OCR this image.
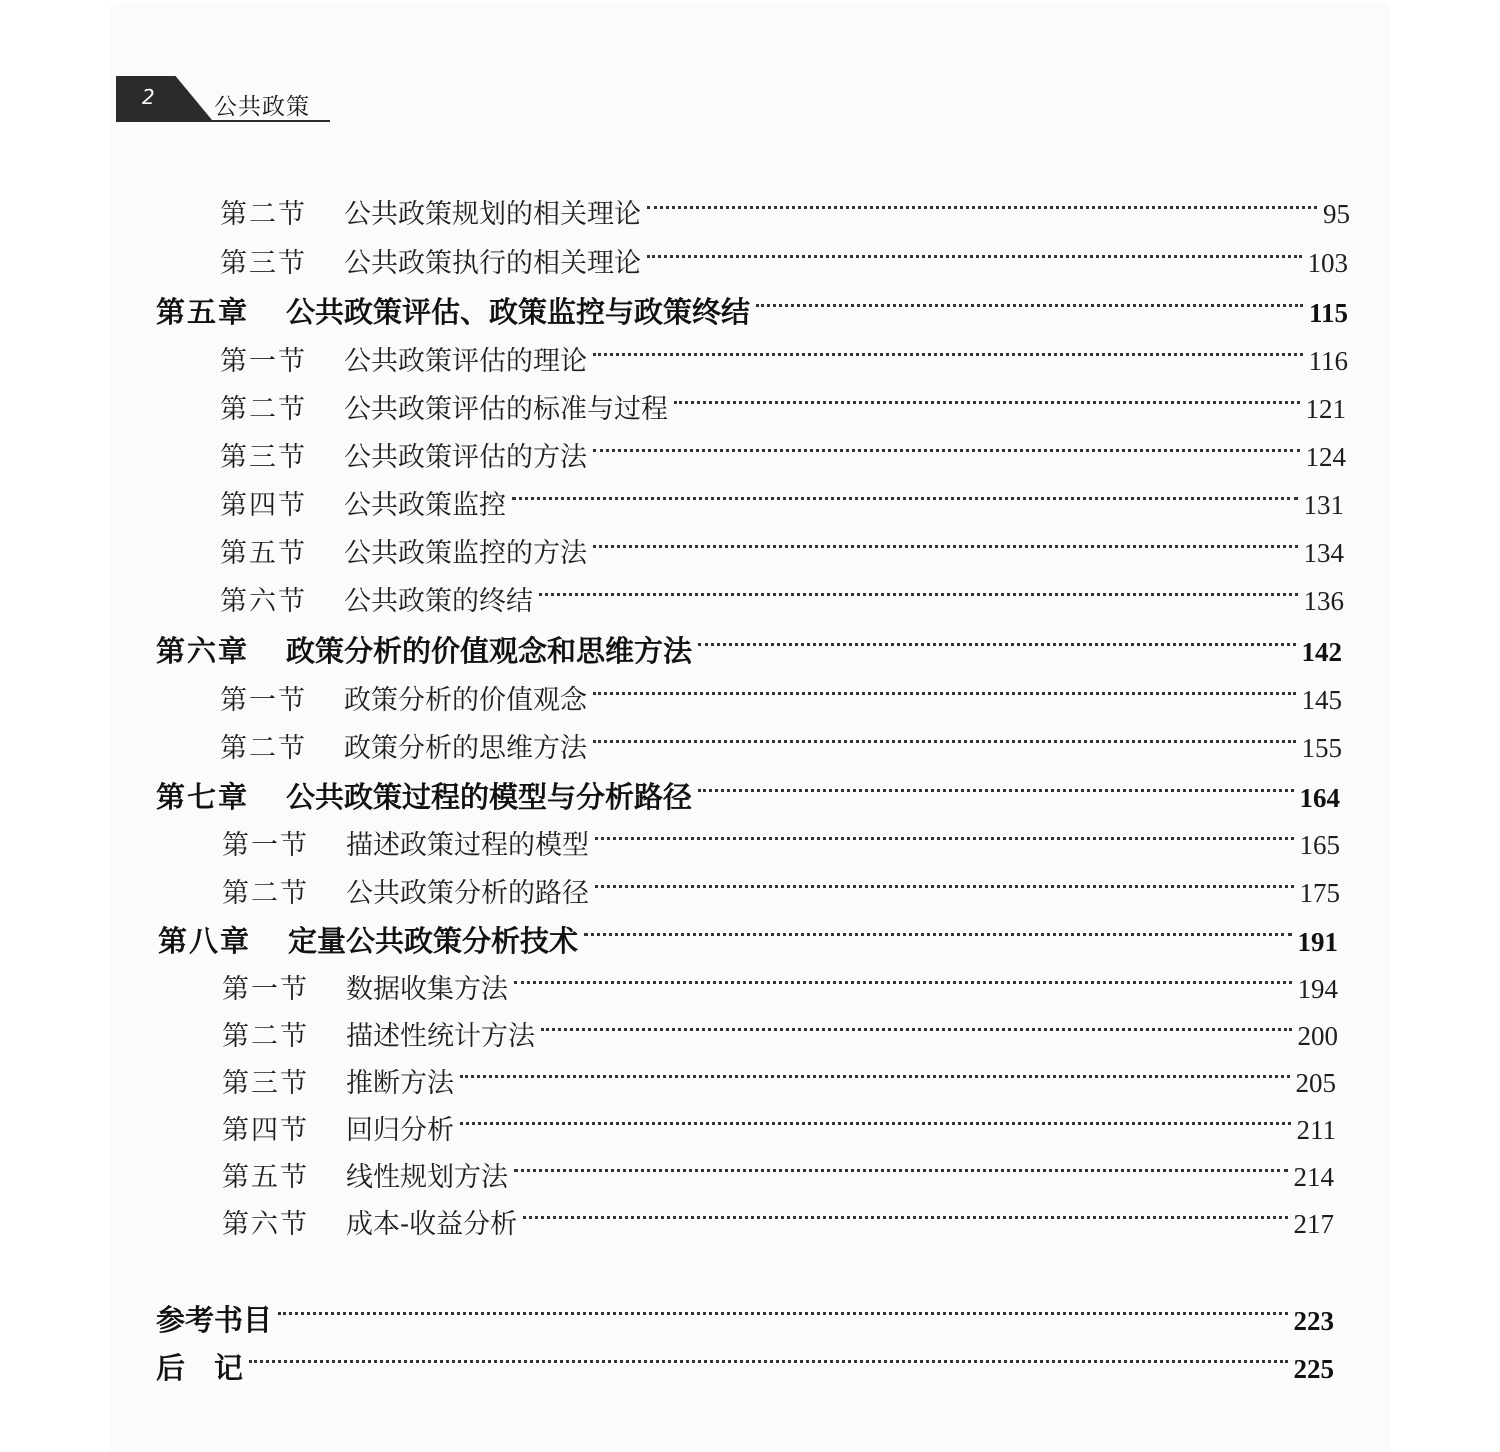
2	公共政策
第二节	公共政策规划的相关理论	95
第三节	公共政策执行的相关理论	103
第五章	公共政策评估、政策监控与政策终结	115
第一节	公共政策评估的理论	116
第二节	公共政策评估的标准与过程	121
第三节	公共政策评估的方法	124
第四节	公共政策监控	131
第五节	公共政策监控的方法	134
第六节	公共政策的终结	136
第六章	政策分析的价值观念和思维方法	142
第一节	政策分析的价值观念	145
第二节	政策分析的思维方法	155
第七章	公共政策过程的模型与分析路径	164
第一节	描述政策过程的模型	165
第二节	公共政策分析的路径	175
第八章	定量公共政策分析技术	191
第一节	数据收集方法	194
第二节	描述性统计方法	200
第三节	推断方法	205
第四节	回归分析	211
第五节	线性规划方法	214
第六节	成本-收益分析	217
参考书目	223
后　记	225
